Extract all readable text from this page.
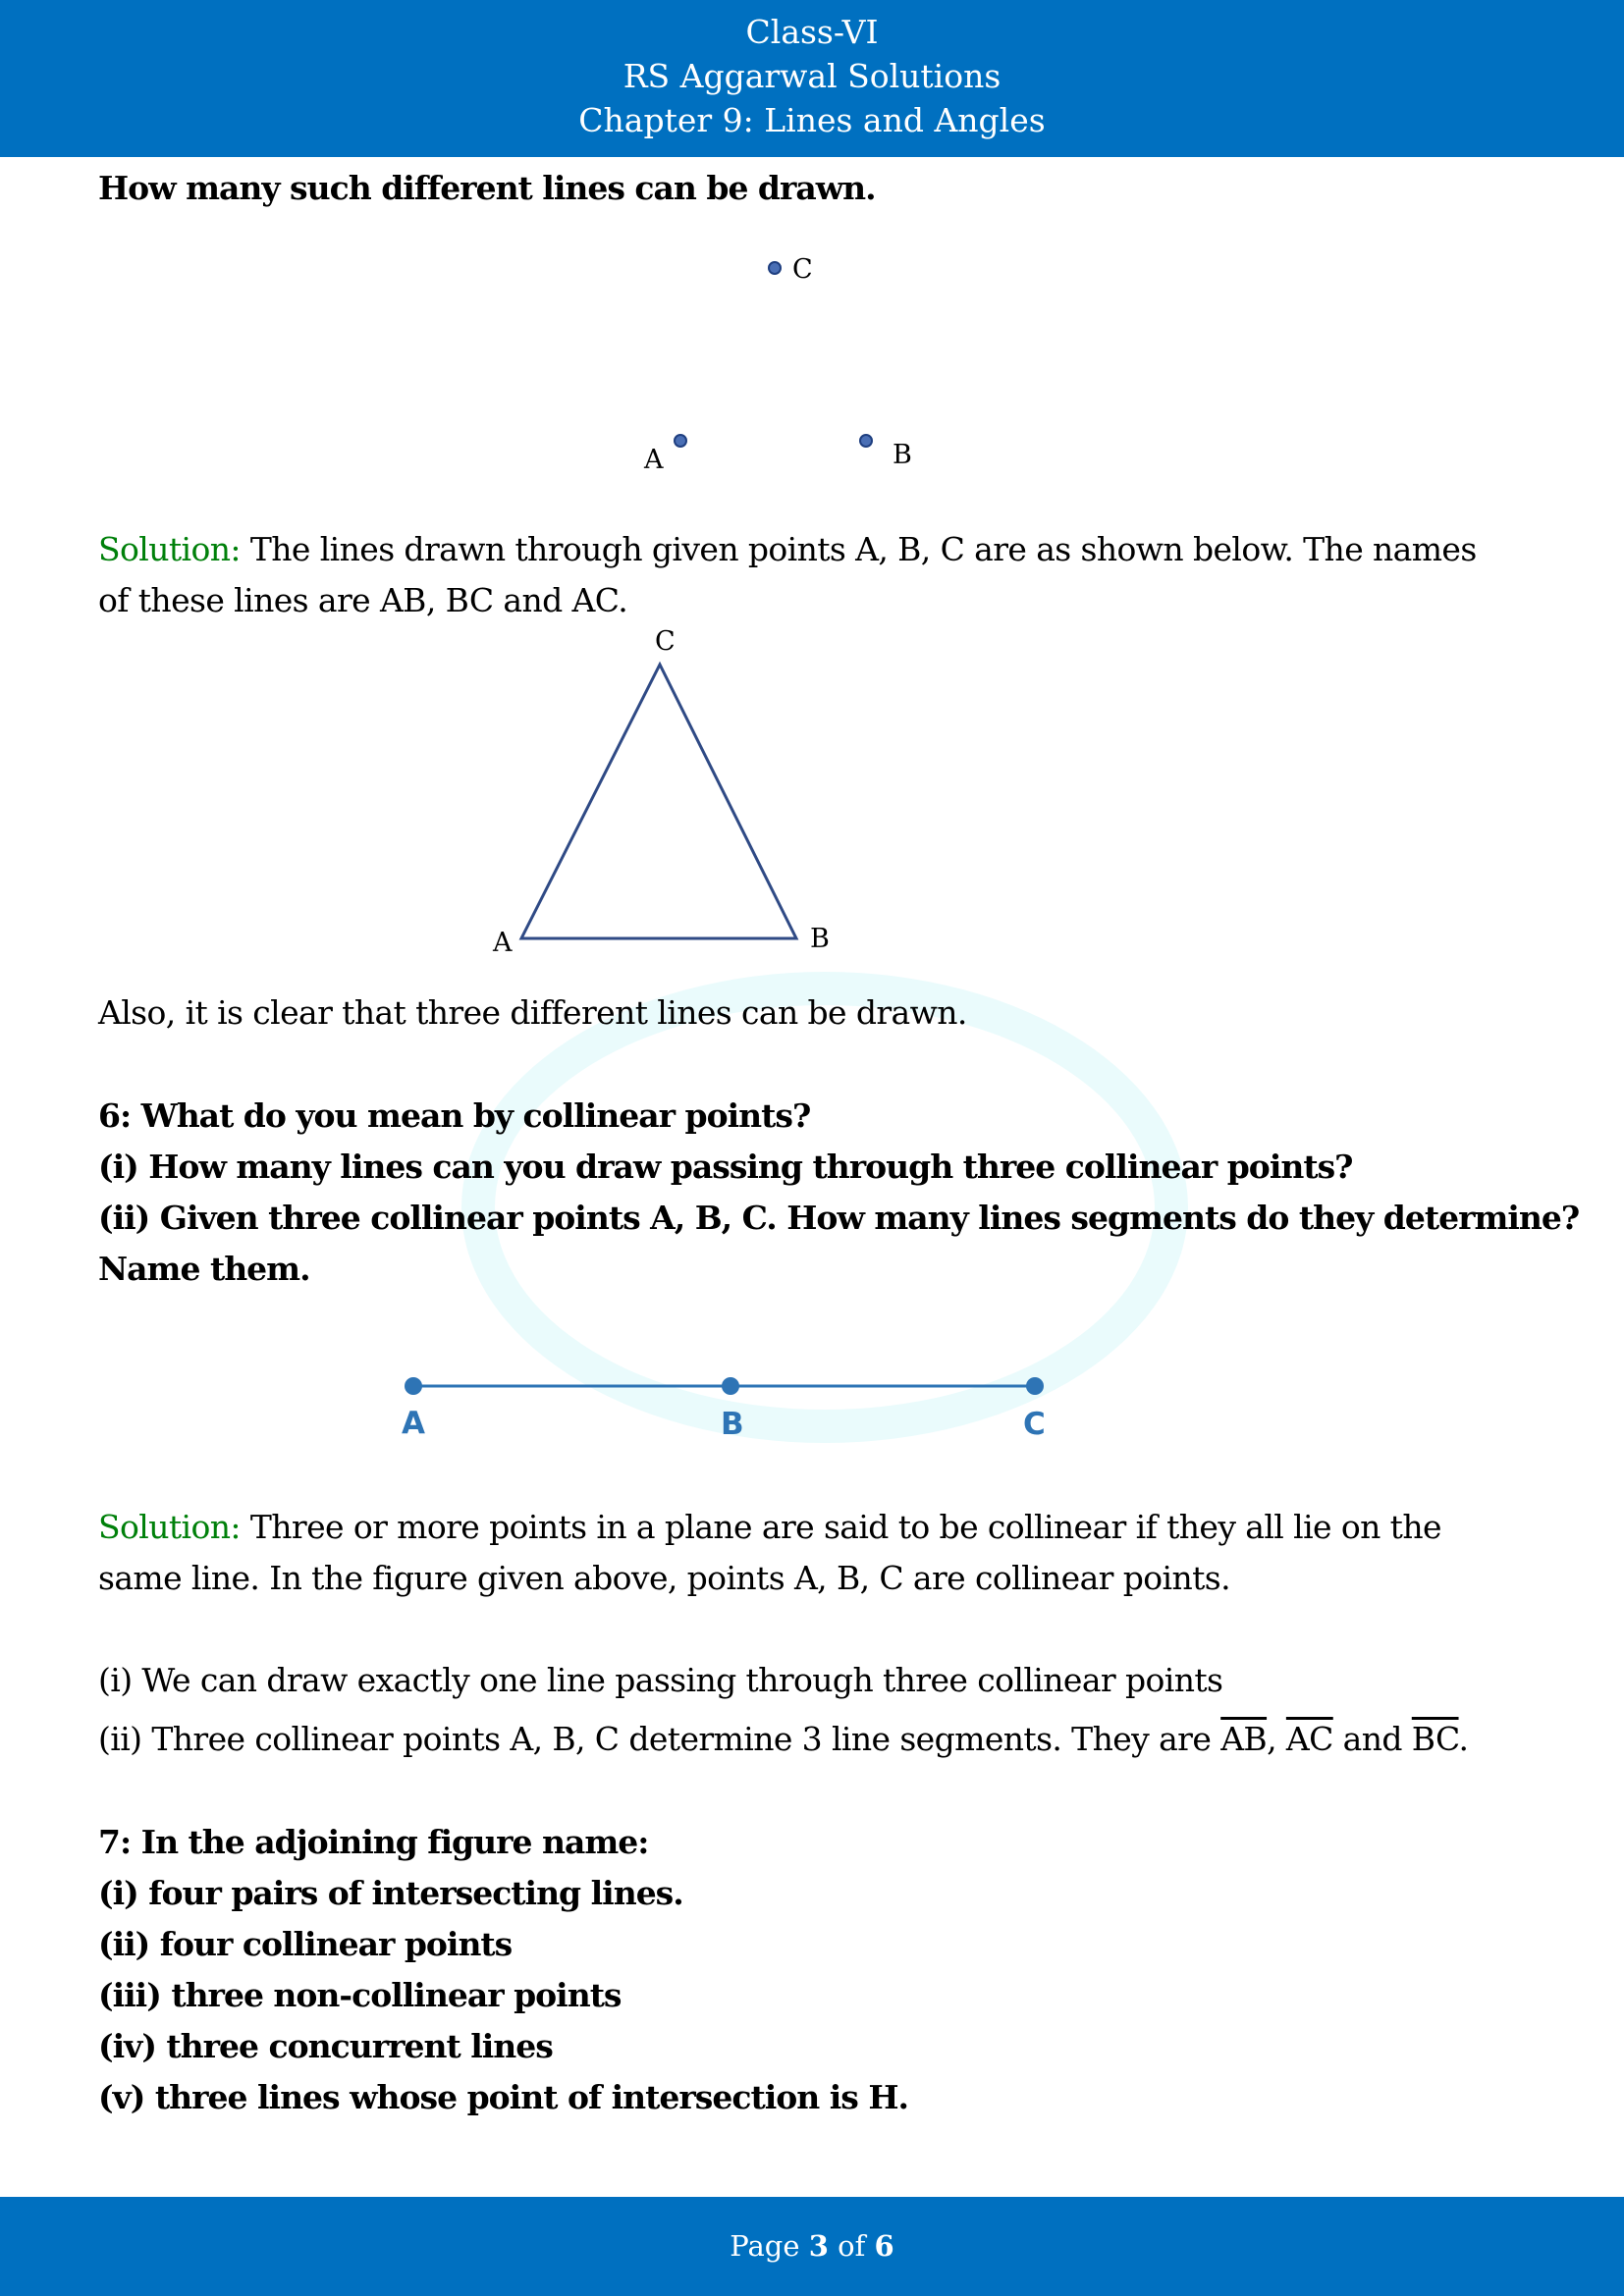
Class-VI
RS Aggarwal Solutions
Chapter 9: Lines and Angles
How many such different lines can be drawn.
C
A	B
Solution: The lines drawn through given points A, B, C are as shown below. The names
of these lines are AB, BC and AC.
C
A	B
Also, it is clear that three different lines can be drawn.
6: What do you mean by collinear points?
(i) How many lines can you draw passing through three collinear points?
(ii) Given three collinear points A, B, C. How many lines segments do they determine?
Name them.
A	B	C
Solution: Three or more points in a plane are said to be collinear if they all lie on the
same line. In the figure given above, points A, B, C are collinear points.
(i) We can draw exactly one line passing through three collinear points
(ii) Three collinear points A, B, C determine 3 line segments. They are $\overline{AB}$, $\overline{AC}$ and $\overline{BC}$.
7: In the adjoining figure name:
(i) four pairs of intersecting lines.
(ii) four collinear points
(iii) three non-collinear points
(iv) three concurrent lines
(v) three lines whose point of intersection is H.
Page 3 of 6
